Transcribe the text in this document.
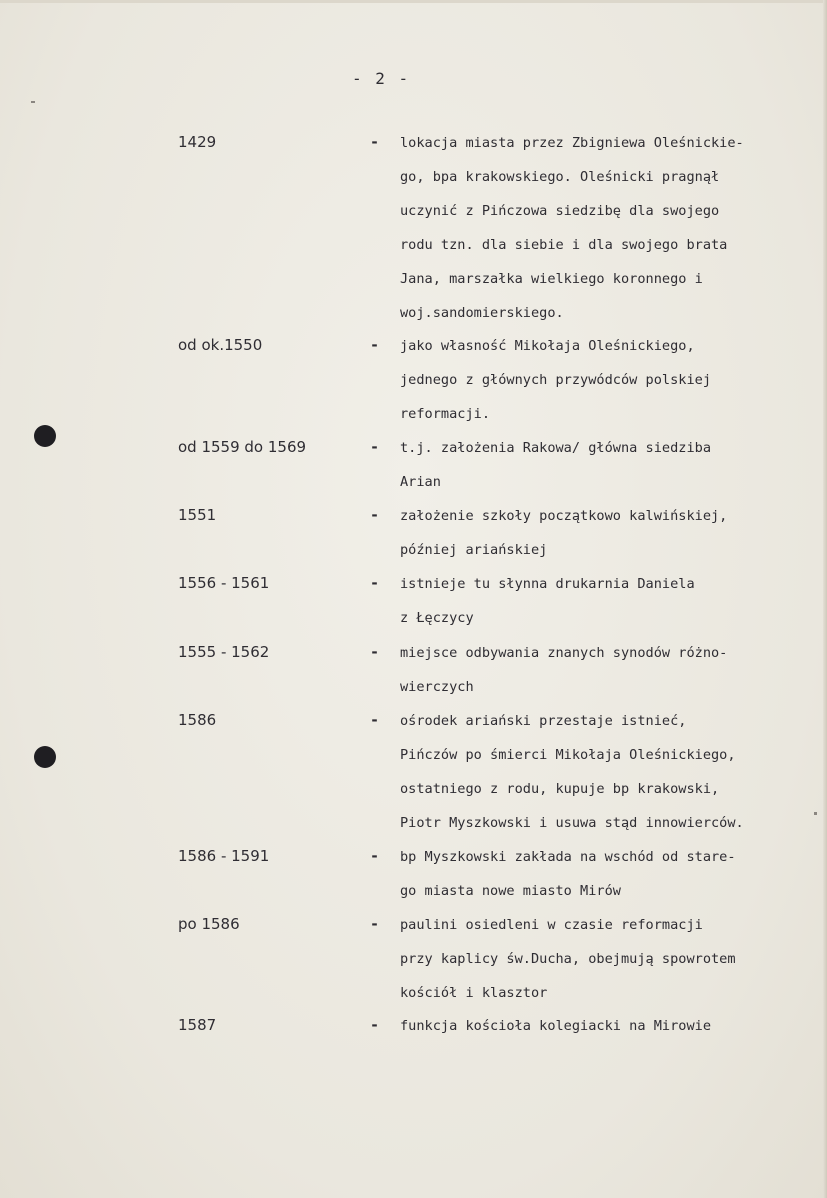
- 2 -
1429	- lokacja miasta przez Zbigniewa Oleśnickie-
go, bpa krakowskiego. Oleśnicki pragnął
uczynić z Pińczowa siedzibę dla swojego
rodu tzn. dla siebie i dla swojego brata
Jana, marszałka wielkiego koronnego i
woj.sandomierskiego.
od ok.1550	- jako własność Mikołaja Oleśnickiego,
jednego z głównych przywódców polskiej
reformacji.
od 1559 do 1569	- t.j. założenia Rakowa/ główna siedziba
Arian
1551	- założenie szkoły początkowo kalwińskiej,
później ariańskiej
1556 - 1561	- istnieje tu słynna drukarnia Daniela
z Łęczycy
1555 - 1562	- miejsce odbywania znanych synodów różno-
wierczych
1586	- ośrodek ariański przestaje istnieć,
Pińczów po śmierci Mikołaja Oleśnickiego,
ostatniego z rodu, kupuje bp krakowski,
Piotr Myszkowski i usuwa stąd innowierców.
1586 - 1591	- bp Myszkowski zakłada na wschód od stare-
go miasta nowe miasto Mirów
po 1586	- paulini osiedleni w czasie reformacji
przy kaplicy św.Ducha, obejmują spowrotem
kościół i klasztor
1587	- funkcja kościoła kolegiacki na Mirowie
